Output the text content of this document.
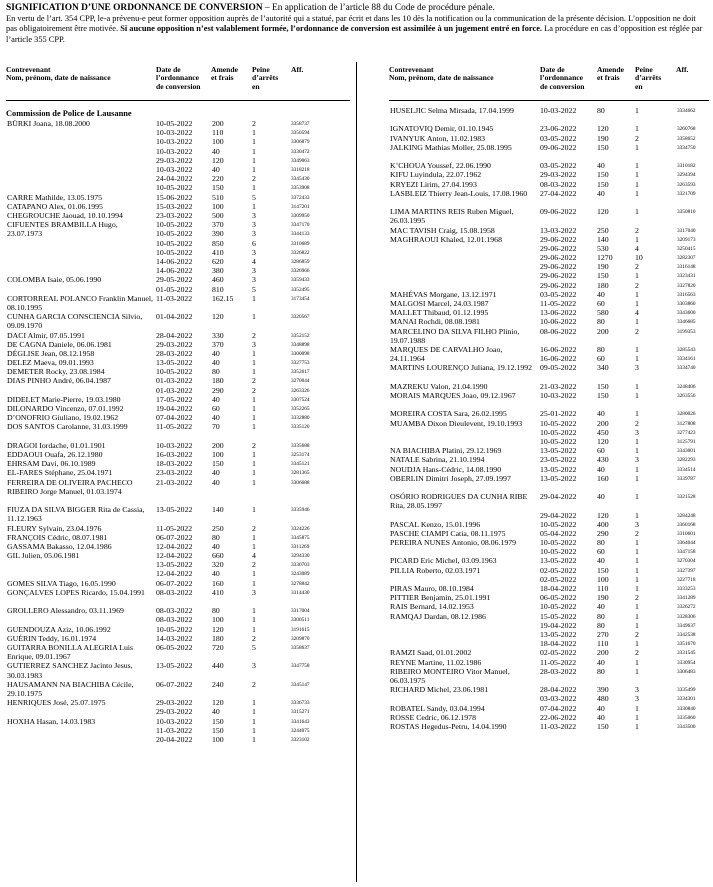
SIGNIFICATION D’UNE ORDONNANCE DE CONVERSION – En application de l’article 88 du Code de procédure pénale.
En vertu de l’art. 354 CPP, le-a prévenu-e peut former opposition auprès de l’autorité qui a statué, par écrit et dans les 10 dès la notification ou la communication de la présente décision. L’opposition ne doit pas obligatoirement être motivée. Si aucune opposition n’est valablement formée, l’ordonnance de conversion est assimilée à un jugement entré en force. La procédure en cas d’opposition est réglée par l’article 355 CPP.
Contrevenant
Nom, prénom, date de naissance
Date de
l’ordonnance
de conversion
Amende
et frais
Peine
d’arrêts
en
Aff.
Commission de Police de Lausanne
BÜRKI Joana, 18.08.2000	10-05-2022	200	2	3358737
10-03-2022	110	1	3350594
10-03-2022	100	1	3306879
10-03-2022	40	1	3330472
29-03-2022	120	1	3349063
10-03-2022	40	1	3318218
24-04-2022	220	2	3345430
10-05-2022	150	1	3353908
CARRE Mathilde, 13.05.1975	15-06-2022	510	5	3372433
CATAPANO Alex, 01.06.1995	15-03-2022	100	1	3147201
CHEGROUCHE Jaouad, 10.10.1994	23-03-2022	500	3	3309950
CIFUENTES BRAMBILLA Hugo, 23.07.1973
10-05-2022	370	3	3347170
10-05-2022	390	3	3344133
10-05-2022	850	6	3310689
10-05-2022	410	3	3326822
14-06-2022	620	4	3286859
14-06-2022	380	3	3326966
COLOMBA Isaie, 05.06.1990	29-05-2022	460	3	3359433
01-05-2022	810	5	3352495
CORTORREAL POLANCO Franklin Manuel, 08.10.1995
11-03-2022	162.15 1	3173454
CUNHA GARCIA CONSCIENCIA Silvio, 09.09.1970
01-04-2022	120	1	3320567
DACI Almir, 07.05.1991	28-04-2022	330	2	3352152
DE CAGNA Daniele, 06.06.1981	29-03-2022	370	3	3348898
DÉGLISE Jean, 08.12.1958	28-03-2022	40	1	3300098
DELEZ Maeva, 09.01.1993	13-05-2022	40	1	3327753
DEMETER Rocky, 23.08.1984	10-05-2022	80	1	3352617
DIAS PINHO André, 06.04.1987	01-03-2022	180	2	3270044
01-03-2022	290	2	3263326
DIDELET Marie-Pierre, 19.03.1980	17-05-2022	40	1	3307524
DILONARDO Vincenzo, 07.01.1992	19-04-2022	60	1	3352265
D’ONOFRIO Giuliano, 19.02.1962	07-04-2022	40	1	3332880
DOS SANTOS Carolanne, 31.03.1999	11-05-2022	70	1	3335120
DRAGOI Iordache, 01.01.1901	10-03-2022	200	2	3335688
EDDAOUI Ouafa, 26.12.1980	16-03-2022	100	1	3253174
EHRSAM Davi, 06.10.1989	18-03-2022	150	1	3345121
EL-FARES Stéphane, 25.04.1971	23-03-2022	40	1	3281365
FERREIRA DE OLIVEIRA PACHECO RIBEIRO Jorge Manuel, 01.03.1974
21-03-2022	40	1	3306688
FIUZA DA SILVA BIGGER Rita de Cassia, 11.12.1963
13-05-2022	140	1	3335946
FLEURY Sylvain, 23.04.1976	11-05-2022	250	2	3324226
FRANÇOIS Cédric, 08.07.1981	06-07-2022	80	1	3345875
GASSAMA Bakasso, 12.04.1986	12-04-2022	40	1	3311269
GIL Julien, 05.06.1981	12-04-2022	660	4	3294330
13-05-2022	320	2	3330703
12-04-2022	40	1	3243089
GOMES SILVA Tiago, 16.05.1990	06-07-2022	160	1	3278842
GONÇALVES LOPES Ricardo, 15.04.1991	08-03-2022	410	3	3314430
GROLLERO Alessandro, 03.11.1969	08-03-2022	80	1	3317004
08-03-2022	100	1	3300511
GUENDOUZA Aziz, 10.06.1992	10-05-2022	120	1	3191615
GUÉRIN Teddy, 16.01.1974	14-03-2022	180	2	3209870
GUITARRA BONILLA ALEGRIA Luis Enrique, 09.01.1967
06-05-2022	720	5	3358637
GUTIERREZ SANCHEZ Jacinto Jesus, 30.03.1983
13-05-2022	440	3	3347758
HAUSAMANN NA BIACHIBA Cécile, 29.10.1975
06-07-2022	240	2	3345147
HENRIQUES José, 25.07.1975	29-03-2022	120	1	3336733
29-03-2022	40	1	3315271
HOXHA Hasan, 14.03.1983	10-03-2022	150	1	3341643
11-03-2022	150	1	3244075
20-04-2022	100	1	3323102
Contrevenant
Nom, prénom, date de naissance
Date de
l’ordonnance
de conversion
Amende
et frais
Peine
d’arrêts
en
Aff.
HUSELJIC Selma Mirsada, 17.04.1999	10-03-2022	80	1	3334662
IGNATOVIQ Demir, 01.10.1945	23-06-2022	120	1	3260768
IVANYUK Anton, 11.02.1983	03-05-2022	190	2	3358652
JALKING Mathias Moller, 25.08.1995	09-06-2022	150	1	3334750
K’CHOUA Youssef, 22.06.1990	03-05-2022	40	1	3310182
KIFU Luyindula, 22.07.1962	29-03-2022	150	1	3294394
KRYEZI Lirim, 27.04.1993	08-03-2022	150	1	3263593
LASBLEIZ Thierry Jean-Louis, 17.08.1960	27-04-2022	40	1	3321709
LIMA MARTINS REIS Ruben Miguel, 26.03.1995
09-06-2022	120	1	3350810
MAC TAVISH Craig, 15.08.1958	13-03-2022	250	2	3317040
MAGHRAOUI Khaled, 12.01.1968	29-06-2022	140	1	3209173
29-06-2022	530	4	3250415
29-06-2022	1270	10	3282307
29-06-2022	190	2	3316148
29-06-2022	150	1	3323431
29-06-2022	180	2	3327820
MAHÉVAS Morgane, 13.12.1971	03-05-2022	40	1	3316563
MALGOSI Marcel, 24.03.1987	11-05-2022	60	1	3303860
MALLET Thibaud, 01.12.1995	13-06-2022	580	4	3343600
MANAI Rochdi, 08.08.1981	10-06-2022	80	1	3346685
MARCELINO DA SILVA FILHO Plinio, 19.07.1988
08-06-2022	200	2	3199353
MARQUES DE CARVALHO Joao, 24.11.1964
16-06-2022	80	1	3285543
16-06-2022	60	1	3334161
MARTINS LOURENÇO Juliana, 19.12.1992	09-05-2022	340	3	3334740
MAZREKU Valon, 21.04.1990	21-03-2022	150	1	3248406
MORAIS MARQUES Joao, 09.12.1967	10-03-2022	150	1	3263556
MOREIRA COSTA Sara, 26.02.1995	25-01-2022	40	1	3280026
MUAMBA Dixon Dieulevent, 19.10.1993	10-05-2022	200	2	3127808
10-05-2022	450	3	3277423
10-05-2022	120	1	3125791
NA BIACHIBA Platini, 29.12.1969	13-05-2022	60	1	3343001
NATALE Sabrina, 21.10.1994	23-05-2022	430	3	3282293
NOUDJA Hans-Cédric, 14.08.1990	13-05-2022	40	1	3334514
OBERLIN Dimitri Joseph, 27.09.1997	13-05-2022	160	1	3339787
OSÓRIO RODRIGUES DA CUNHA RIBE Rita, 28.05.1997
29-04-2022	40	1	3321528
29-04-2022	120	1	3284248
PASCAL Kenzo, 15.01.1996	10-05-2022	400	3	3360168
PASCHE CIAMPI Catia, 08.11.1975	05-04-2022	290	2	3310601
PEREIRA NUNES Antonio, 08.06.1979	10-05-2022	80	1	3364044
10-05-2022	60	1	3347158
PICARD Eric Michel, 03.09.1963	13-05-2022	40	1	3270304
PILLIA Roberto, 02.03.1971	02-05-2022	150	1	3327397
02-05-2022	100	1	3227718
PIRAS Mauro, 08.10.1984	18-04-2022	110	1	3333253
PITTIER Benjamin, 25.01.1991	06-05-2022	190	2	3341289
RAIS Bernard, 14.02.1953	10-05-2022	40	1	3326272
RAMQAJ Dardan, 08.12.1986	15-05-2022	80	1	3328306
19-04-2022	80	1	3349637
13-05-2022	270	2	3342538
18-04-2022	110	1	3351670
RAMZI Saad, 01.01.2002	02-05-2022	200	2	3331545
REYNE Martine, 11.02.1986	11-05-2022	40	1	3330954
RIBEIRO MONTEIRO Vitor Manuel, 06.03.1975
28-03-2022	80	1	3306483
RICHARD Michel, 23.06.1981	28-04-2022	390	3	3335499
03-03-2022	480	3	3334301
ROBATEL Sandy, 03.04.1994	07-04-2022	40	1	3330840
ROSSE Cedric, 06.12.1978	22-06-2022	40	1	3335060
ROSTAS Hegedus-Petru, 14.04.1990	11-03-2022	150	1	3343500
